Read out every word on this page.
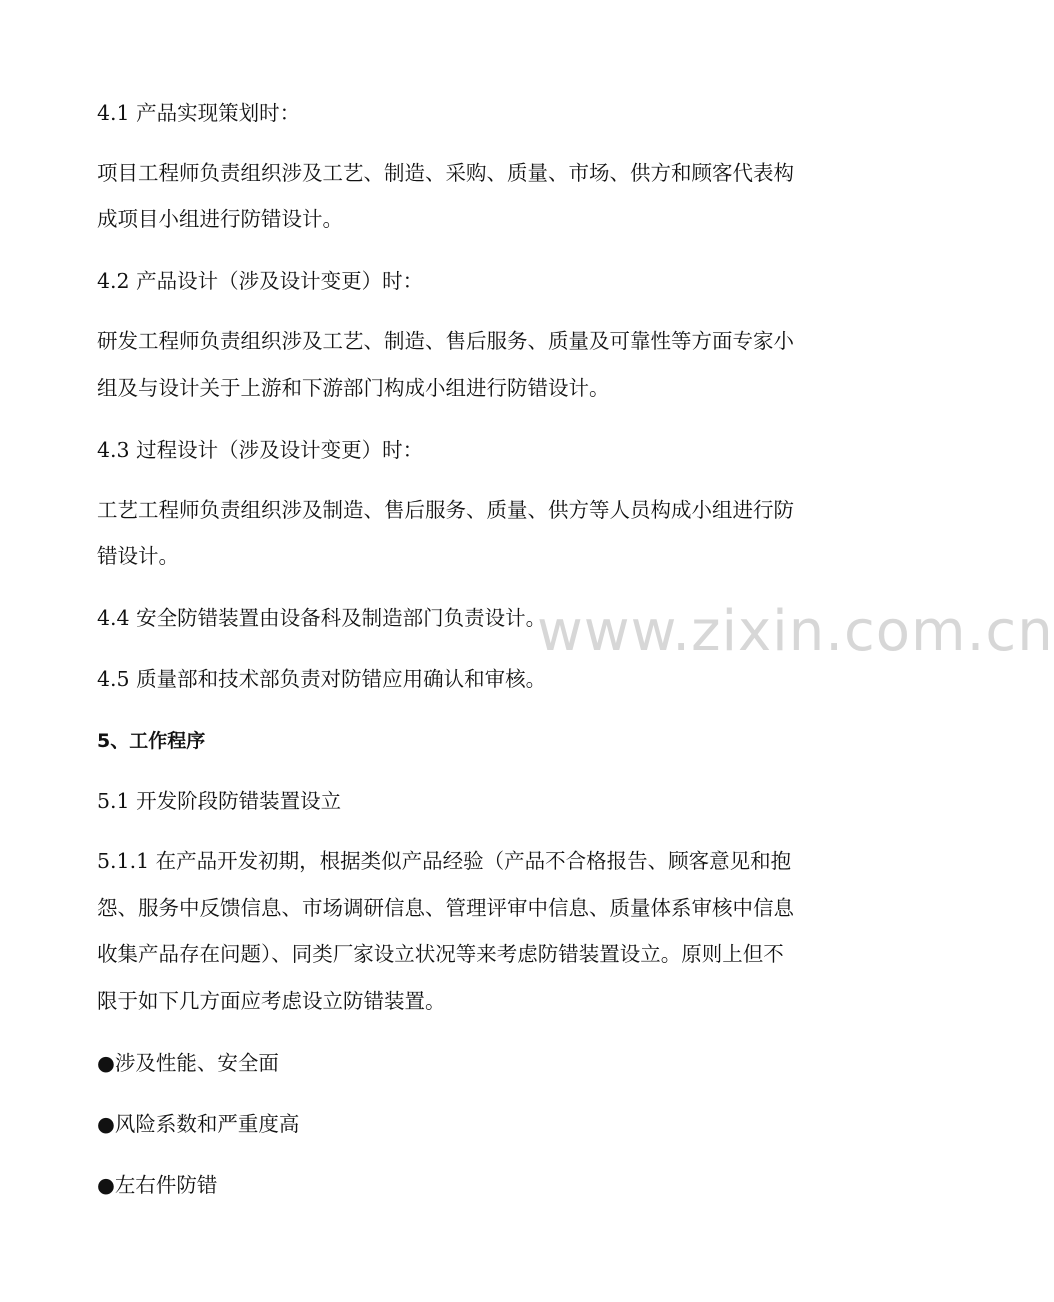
4.1 产品实现策划时：

项目工程师负责组织涉及工艺、制造、采购、质量、市场、供方和顾客代表构

成项目小组进行防错设计。

4.2 产品设计（涉及设计变更）时：

研发工程师负责组织涉及工艺、制造、售后服务、质量及可靠性等方面专家小

组及与设计关于上游和下游部门构成小组进行防错设计。

4.3 过程设计（涉及设计变更）时：

工艺工程师负责组织涉及制造、售后服务、质量、供方等人员构成小组进行防

错设计。

4.4 安全防错装置由设备科及制造部门负责设计。

4.5 质量部和技术部负责对防错应用确认和审核。

5、工作程序

5.1 开发阶段防错装置设立

5.1.1 在产品开发初期，根据类似产品经验（产品不合格报告、顾客意见和抱

怨、服务中反馈信息、市场调研信息、管理评审中信息、质量体系审核中信息

收集产品存在问题）、同类厂家设立状况等来考虑防错装置设立。原则上但不

限于如下几方面应考虑设立防错装置。

●涉及性能、安全面

●风险系数和严重度高

●左右件防错

www.zixin.com.cn
